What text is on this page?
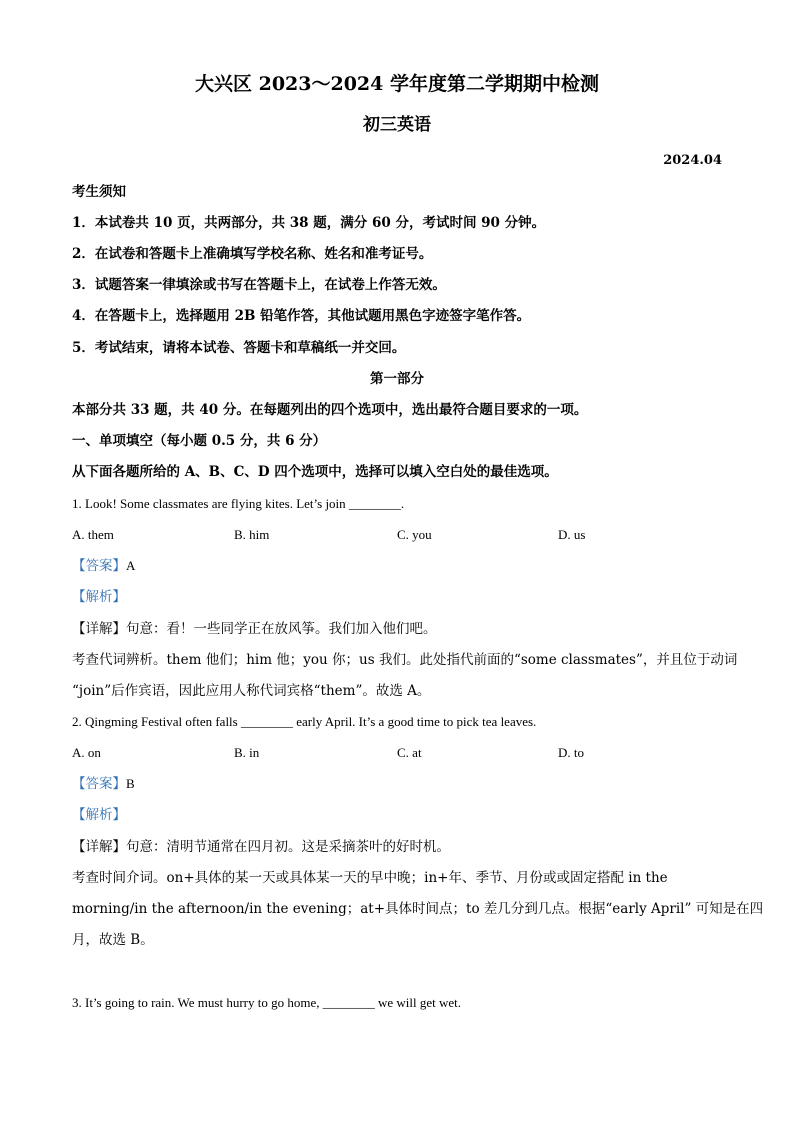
大兴区 2023～2024 学年度第二学期期中检测
初三英语
2024.04
考生须知
1．本试卷共 10 页，共两部分，共 38 题，满分 60 分，考试时间 90 分钟。
2．在试卷和答题卡上准确填写学校名称、姓名和准考证号。
3．试题答案一律填涂或书写在答题卡上，在试卷上作答无效。
4．在答题卡上，选择题用 2B 铅笔作答，其他试题用黑色字迹签字笔作答。
5．考试结束，请将本试卷、答题卡和草稿纸一并交回。
第一部分
本部分共 33 题，共 40 分。在每题列出的四个选项中，选出最符合题目要求的一项。
一、单项填空（每小题 0.5 分，共 6 分）
从下面各题所给的 A、B、C、D 四个选项中，选择可以填入空白处的最佳选项。
1. Look! Some classmates are flying kites. Let’s join ________.
A. them	B. him	C. you	D. us
【答案】A
【解析】
【详解】句意：看！一些同学正在放风筝。我们加入他们吧。
考查代词辨析。them 他们；him 他；you 你；us 我们。此处指代前面的“some classmates”，并且位于动词
“join”后作宾语，因此应用人称代词宾格“them”。故选 A。
2. Qingming Festival often falls ________ early April. It’s a good time to pick tea leaves.
A. on	B. in	C. at	D. to
【答案】B
【解析】
【详解】句意：清明节通常在四月初。这是采摘茶叶的好时机。
考查时间介词。on+具体的某一天或具体某一天的早中晚；in+年、季节、月份或或固定搭配 in the
morning/in the afternoon/in the evening；at+具体时间点；to 差几分到几点。根据“early April” 可知是在四
月，故选 B。
3. It’s going to rain. We must hurry to go home, ________ we will get wet.
